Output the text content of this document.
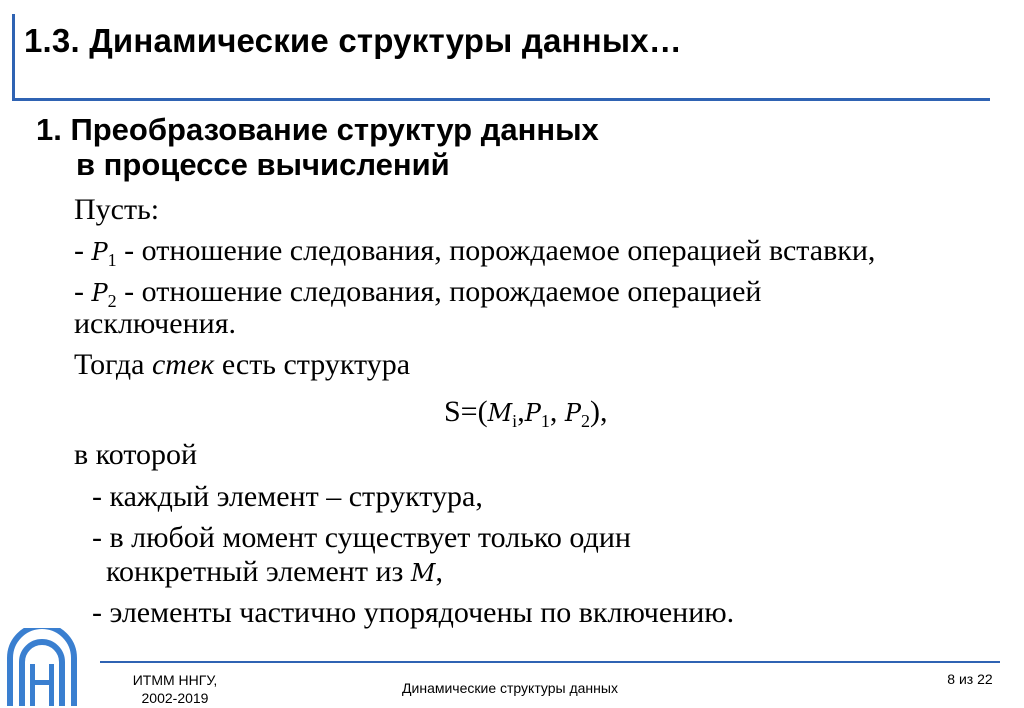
1.3. Динамические структуры данных…
1. Преобразование структур данных
в процессе вычислений
Пусть:
- $P_1$ - отношение следования, порождаемое операцией вставки,
- $P_2$ - отношение следования, порождаемое операцией
исключения.
Тогда стек есть структура
$S=(M_i,P_1$, $P_2$),
в которой
- каждый элемент – структура,
- в любой момент существует только один
конкретный элемент из M,
- элементы частично упорядочены по включению.
ИТММ ННГУ,
2002-2019
Динамические структуры данных
8 из 22
